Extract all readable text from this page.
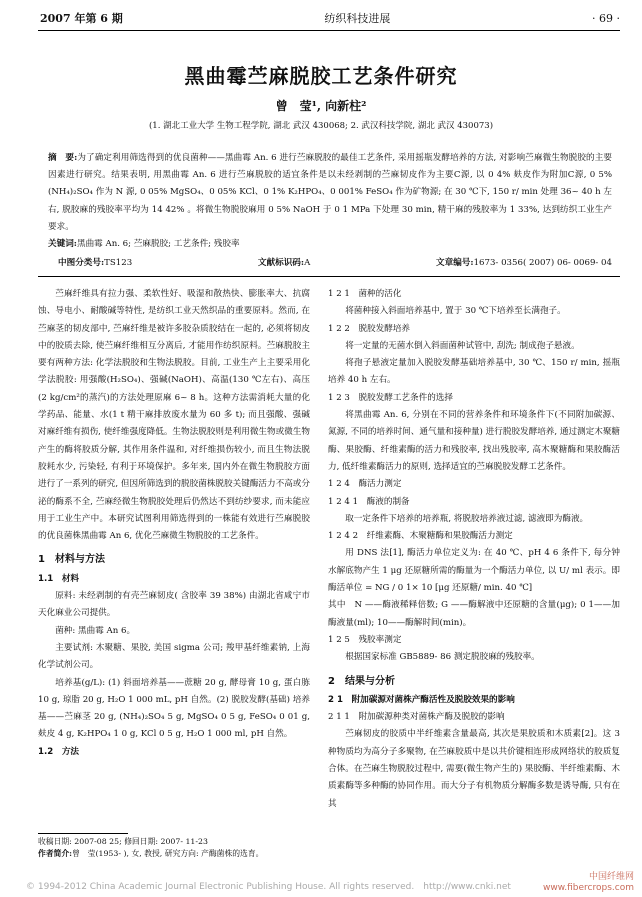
2007 年第 6 期	纺织科技进展	· 69 ·
黑曲霉苎麻脱胶工艺条件研究
曾　莹¹, 向新柱²
(1. 湖北工业大学 生物工程学院, 湖北 武汉 430068; 2. 武汉科技学院, 湖北 武汉 430073)
摘　要:为了确定利用筛选得到的优良菌种——黑曲霉 An. 6 进行苎麻脱胶的最佳工艺条件, 采用摇瓶发酵培养的方法, 对影响苎麻微生物脱胶的主要因素进行研究。结果表明, 用黑曲霉 An. 6 进行苎麻脱胶的适宜条件是以未经剥制的苎麻韧皮作为主要C源, 以 0 4% 麸皮作为附加C源, 0 5% (NH₄)₂SO₄ 作为 N 源, 0 05% MgSO₄、0 05% KCl、0 1% K₂HPO₄、0 001% FeSO₄ 作为矿物源; 在 30 ℃下, 150 r/ min 处理 36~ 40 h 左右, 脱胶麻的残胶率平均为 14 42% 。将微生物脱胶麻用 0 5% NaOH 于 0 1 MPa 下处理 30 min, 精干麻的残胶率为 1 33%, 达到纺织工业生产要求。
关键词:黑曲霉 An. 6; 苎麻脱胶; 工艺条件; 残胶率
中图分类号:TS123	文献标识码:A	文章编号:1673- 0356( 2007) 06- 0069- 04

苎麻纤维具有拉力强、柔软性好、吸湿和散热快、膨胀率大、抗腐蚀、导电小、耐酸碱等特性, 是纺织工业天然织品的重要原料。然而, 在苎麻茎的韧皮部中, 苎麻纤维是被许多胶杂质胶结在一起的, 必须将韧皮中的胶质去除, 使苎麻纤维相互分离后, 才能用作纺织原料。苎麻脱胶主要有两种方法: 化学法脱胶和生物法脱胶。目前, 工业生产上主要采用化学法脱胶: 用强酸(H₂SO₄)、强碱(NaOH)、高温(130 ℃左右)、高压(2 kg/cm²的蒸汽)的方法处理原麻 6~ 8 h。这种方法需消耗大量的化学药品、能量、水(1 t 精干麻排放废水量为 60 多 t); 而且强酸、强碱对麻纤维有损伤, 使纤维强度降低。生物法脱胶则是利用微生物或微生物产生的酶将胶质分解, 其作用条件温和, 对纤维损伤较小, 而且生物法脱胶耗水少, 污染轻, 有利于环境保护。多年来, 国内外在微生物脱胶方面进行了一系列的研究, 但因所筛选到的脱胶菌株脱胶关键酶活力不高或分泌的酶系不全, 苎麻经微生物脱胶处理后仍然达不到纺纱要求, 而未能应用于工业生产中。本研究试图利用筛选得到的一株能有效进行苎麻脱胶的优良菌株黑曲霉 An 6, 优化苎麻微生物脱胶的工艺条件。

1　材料与方法
1.1　材料

原料: 未经剥制的有壳苎麻韧皮( 含胶率 39 38%) 由湖北省咸宁市天化麻业公司提供。

菌种: 黑曲霉 An 6。

主要试剂: 木聚糖、果胶, 美国 sigma 公司; 羧甲基纤维素钠, 上海化学试剂公司。

培养基(g/L): (1) 斜面培养基——蔗糖 20 g, 酵母膏 10 g, 蛋白胨 10 g, 琼脂 20 g, H₂O 1 000 mL, pH 自然。(2) 脱胶发酵(基础) 培养基——苎麻茎 20 g, (NH₄)₂SO₄ 5 g, MgSO₄ 0 5 g, FeSO₄ 0 01 g, 麸皮 4 g, K₂HPO₄ 1 0 g, KCl 0 5 g, H₂O 1 000 ml, pH 自然。

1.2　方法
1 2 1　菌种的活化

将菌种接入斜面培养基中, 置于 30 ℃下培养至长满孢子。

1 2 2　脱胶发酵培养

将一定量的无菌水倒入斜面菌种试管中, 刮洗; 制成孢子悬液。

将孢子悬液定量加入脱胶发酵基础培养基中, 30 ℃、150 r/ min, 摇瓶培养 40 h 左右。

1 2 3　脱胶发酵工艺条件的选择

将黑曲霉 An. 6, 分别在不同的营养条件和环境条件下(不同附加碳源、氮源, 不同的培养时间、通气量和接种量) 进行脱胶发酵培养, 通过测定木聚糖酶、果胶酶、纤维素酶的活力和残胶率, 找出残胶率, 高木聚糖酶和果胶酶活力, 低纤维素酶活力的原则, 选择适宜的苎麻脱胶发酵工艺条件。

1 2 4　酶活力测定
1 2 4 1　酶液的制备

取一定条件下培养的培养瓶, 将脱胶培养液过滤, 滤液即为酶液。

1 2 4 2　纤维素酶、木聚糖酶和果胶酶活力测定

用 DNS 法[1], 酶活力单位定义为: 在 40 ℃、pH 4 6 条件下, 每分钟水解底物产生 1 μg 还原糖所需的酶量为一个酶活力单位, 以 U/ ml 表示。即　酶活单位 = NG / 0 1× 10 [μg 还原糖/ min. 40 ℃]

其中　N ——酶液稀释倍数; G ——酶解液中还原糖的含量(μg); 0 1——加酶液量(ml); 10——酶解时间(min)。

1 2 5　残胶率测定

根据国家标准 GB5889- 86 测定脱胶麻的残胶率。

2　结果与分析
2 1　附加碳源对菌株产酶活性及脱胶效果的影响
2 1 1　附加碳源种类对菌株产酶及脱胶的影响

苎麻韧皮的胶质中半纤维素含量最高, 其次是果胶质和木质素[2]。这 3 种物质均为高分子多聚物, 在苎麻胶质中是以共价键相连形成网络状的胶质复合体。在苎麻生物脱胶过程中, 需要(微生物产生的) 果胶酶、半纤维素酶、木质素酶等多种酶的协同作用。而大分子有机物质分解酶多数是诱导酶, 只有在其

收稿日期: 2007-08 25; 修回日期: 2007- 11-23
作者简介:曾　莹(1953- ), 女, 教授, 研究方向: 产酶菌株的选育。
© 1994-2012 China Academic Journal Electronic Publishing House. All rights reserved.　http://www.cnki.net
中国纤维网
www.fibercrops.com
